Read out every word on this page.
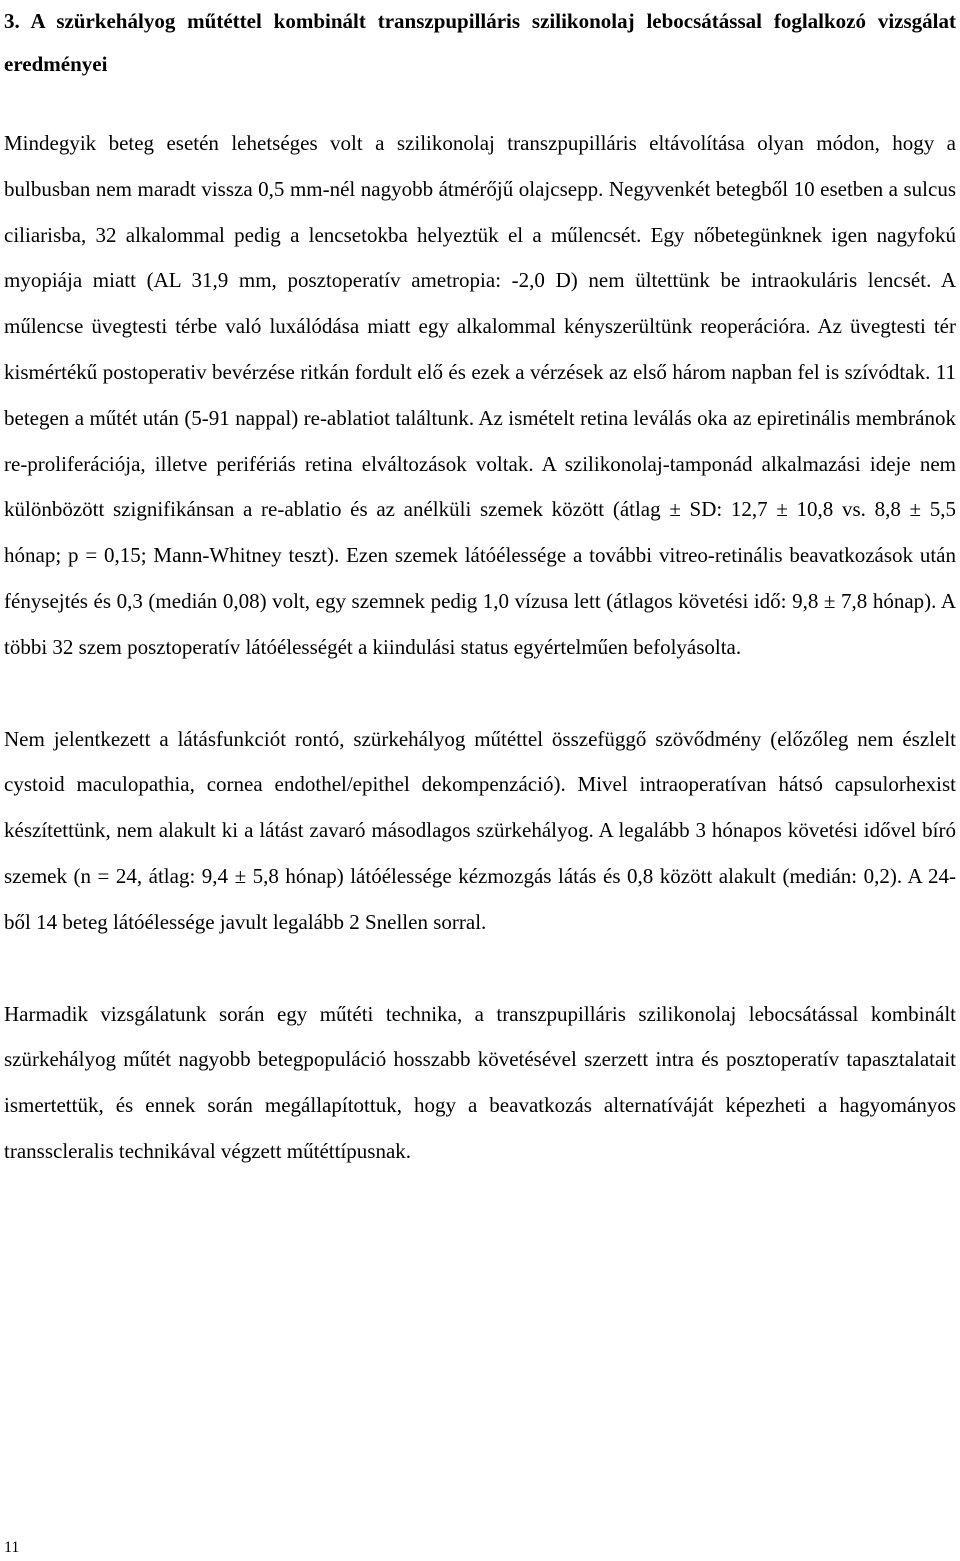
3. A szürkehályog műtéttel kombinált transzpupilláris szilikonolaj lebocsátással foglalkozó vizsgálat eredményei

Mindegyik beteg esetén lehetséges volt a szilikonolaj transzpupilláris eltávolítása olyan módon, hogy a bulbusban nem maradt vissza 0,5 mm-nél nagyobb átmérőjű olajcsepp. Negyvenkét betegből 10 esetben a sulcus ciliarisba, 32 alkalommal pedig a lencsetokba helyeztük el a műlencsét. Egy nőbetegünknek igen nagyfokú myopiája miatt (AL 31,9 mm, posztoperatív ametropia: -2,0 D) nem ültettünk be intraokuláris lencsét. A műlencse üvegtesti térbe való luxálódása miatt egy alkalommal kényszerültünk reoperációra. Az üvegtesti tér kismértékű postoperativ bevérzése ritkán fordult elő és ezek a vérzések az első három napban fel is szívódtak. 11 betegen a műtét után (5-91 nappal) re-ablatiot találtunk. Az ismételt retina leválás oka az epiretinális membránok re-proliferációja, illetve perifériás retina elváltozások voltak. A szilikonolaj-tamponád alkalmazási ideje nem különbözött szignifikánsan a re-ablatio és az anélküli szemek között (átlag ± SD: 12,7 ± 10,8 vs. 8,8 ± 5,5 hónap; p = 0,15; Mann-Whitney teszt). Ezen szemek látóélessége a további vitreo-retinális beavatkozások után fénysejtés és 0,3 (medián 0,08) volt, egy szemnek pedig 1,0 vízusa lett (átlagos követési idő: 9,8 ± 7,8 hónap). A többi 32 szem posztoperatív látóélességét a kiindulási status egyértelműen befolyásolta.

Nem jelentkezett a látásfunkciót rontó, szürkehályog műtéttel összefüggő szövődmény (előzőleg nem észlelt cystoid maculopathia, cornea endothel/epithel dekompenzáció). Mivel intraoperatívan hátsó capsulorhexist készítettünk, nem alakult ki a látást zavaró másodlagos szürkehályog. A legalább 3 hónapos követési idővel bíró szemek (n = 24, átlag: 9,4 ± 5,8 hónap) látóélessége kézmozgás látás és 0,8 között alakult (medián: 0,2). A 24-ből 14 beteg látóélessége javult legalább 2 Snellen sorral.

Harmadik vizsgálatunk során egy műtéti technika, a transzpupilláris szilikonolaj lebocsátással kombinált szürkehályog műtét nagyobb betegpopuláció hosszabb követésével szerzett intra és posztoperatív tapasztalatait ismertettük, és ennek során megállapítottuk, hogy a beavatkozás alternatíváját képezheti a hagyományos transscleralis technikával végzett műtéttípusnak.

11
